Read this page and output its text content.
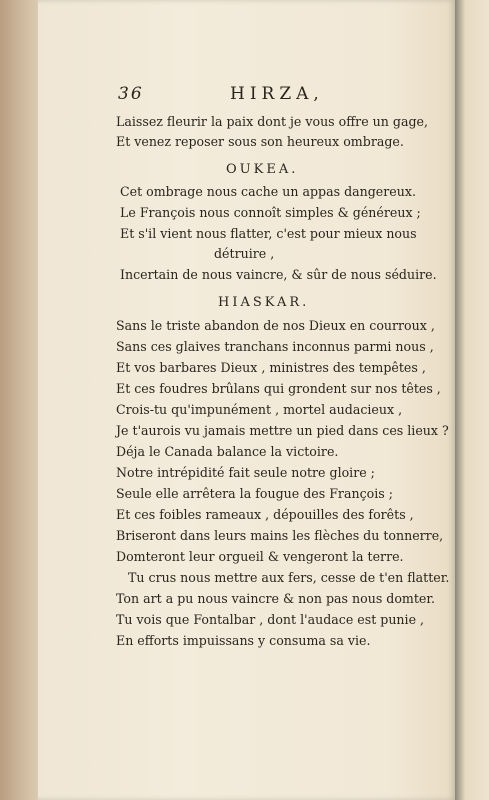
36	HIRZA,
Laissez fleurir la paix dont je vous offre un gage,
Et venez reposer sous son heureux ombrage.
OUKEA.
Cet ombrage nous cache un appas dangereux.
Le François nous connoît simples & généreux ;
Et s'il vient nous flatter, c'est pour mieux nous
détruire ,
Incertain de nous vaincre, & sûr de nous séduire.
HIASKAR.
Sans le triste abandon de nos Dieux en courroux ,
Sans ces glaives tranchans inconnus parmi nous ,
Et vos barbares Dieux , ministres des tempêtes ,
Et ces foudres brûlans qui grondent sur nos têtes ,
Crois-tu qu'impunément , mortel audacieux ,
Je t'aurois vu jamais mettre un pied dans ces lieux ?
Déja le Canada balance la victoire.
Notre intrépidité fait seule notre gloire ;
Seule elle arrêtera la fougue des François ;
Et ces foibles rameaux , dépouilles des forêts ,
Briseront dans leurs mains les flèches du tonnerre,
Domteront leur orgueil & vengeront la terre.
Tu crus nous mettre aux fers, cesse de t'en flatter.
Ton art a pu nous vaincre & non pas nous domter.
Tu vois que Fontalbar , dont l'audace est punie ,
En efforts impuissans y consuma sa vie.
